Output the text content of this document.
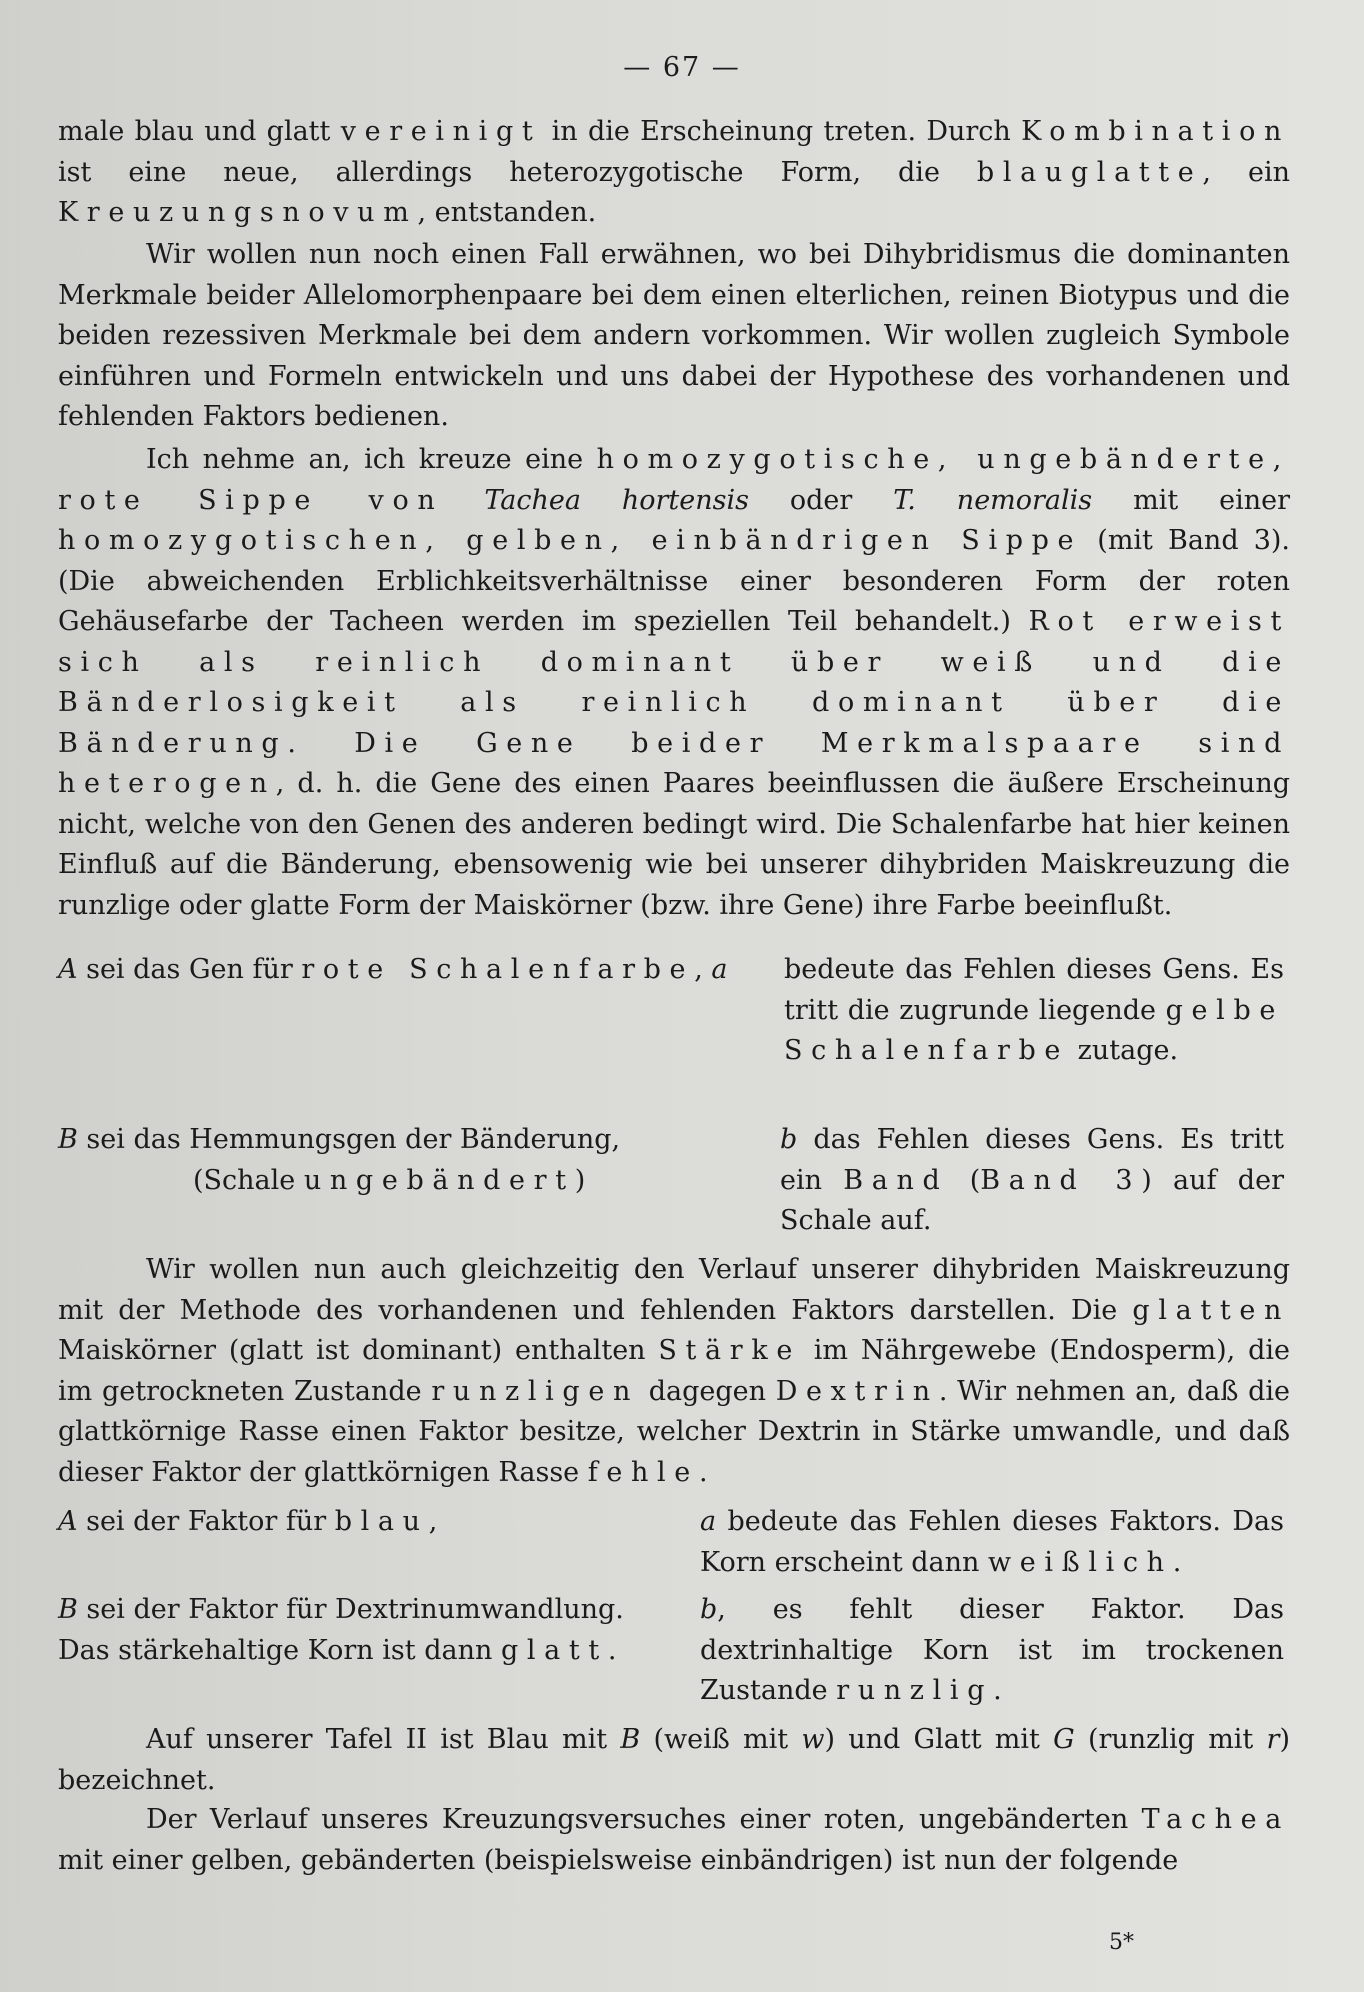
— 67 —
male blau und glatt vereinigt in die Erscheinung treten. Durch Kombination ist eine neue, allerdings heterozygotische Form, die blauglatte, ein Kreuzungsnovum, entstanden.
Wir wollen nun noch einen Fall erwähnen, wo bei Dihybridismus die dominanten Merkmale beider Allelomorphenpaare bei dem einen elterlichen, reinen Biotypus und die beiden rezessiven Merkmale bei dem andern vorkommen. Wir wollen zugleich Symbole einführen und Formeln entwickeln und uns dabei der Hypothese des vorhandenen und fehlenden Faktors bedienen.
Ich nehme an, ich kreuze eine homozygotische, ungebänderte, rote Sippe von Tachea hortensis oder T. nemoralis mit einer homozygotischen, gelben, einbändrigen Sippe (mit Band 3). (Die abweichenden Erblichkeitsverhältnisse einer besonderen Form der roten Gehäusefarbe der Tacheen werden im speziellen Teil behandelt.) Rot erweist sich als reinlich dominant über weiß und die Bänderlosigkeit als reinlich dominant über die Bänderung. Die Gene beider Merkmalspaare sind heterogen, d. h. die Gene des einen Paares beeinflussen die äußere Erscheinung nicht, welche von den Genen des anderen bedingt wird. Die Schalenfarbe hat hier keinen Einfluß auf die Bänderung, ebensowenig wie bei unserer dihybriden Maiskreuzung die runzlige oder glatte Form der Maiskörner (bzw. ihre Gene) ihre Farbe beeinflußt.
A sei das Gen für rote Schalenfarbe, a	bedeute das Fehlen dieses Gens. Es tritt die zugrunde liegende gelbe Schalenfarbe zutage.
B sei das Hemmungsgen der Bänderung,
(Schale ungebändert)
b das Fehlen dieses Gens. Es tritt ein Band (Band 3) auf der Schale auf.
Wir wollen nun auch gleichzeitig den Verlauf unserer dihybriden Maiskreuzung mit der Methode des vorhandenen und fehlenden Faktors darstellen. Die glatten Maiskörner (glatt ist dominant) enthalten Stärke im Nährgewebe (Endosperm), die im getrockneten Zustande runzligen dagegen Dextrin. Wir nehmen an, daß die glattkörnige Rasse einen Faktor besitze, welcher Dextrin in Stärke umwandle, und daß dieser Faktor der glattkörnigen Rasse fehle.
A sei der Faktor für blau,	a bedeute das Fehlen dieses Faktors. Das Korn erscheint dann weißlich.
B sei der Faktor für Dextrinumwandlung.
Das stärkehaltige Korn ist dann glatt.
b, es fehlt dieser Faktor. Das dextrinhaltige Korn ist im trockenen Zustande runzlig.
Auf unserer Tafel II ist Blau mit B (weiß mit w) und Glatt mit G (runzlig mit r) bezeichnet.
Der Verlauf unseres Kreuzungsversuches einer roten, ungebänderten Tachea mit einer gelben, gebänderten (beispielsweise einbändrigen) ist nun der folgende
5*
